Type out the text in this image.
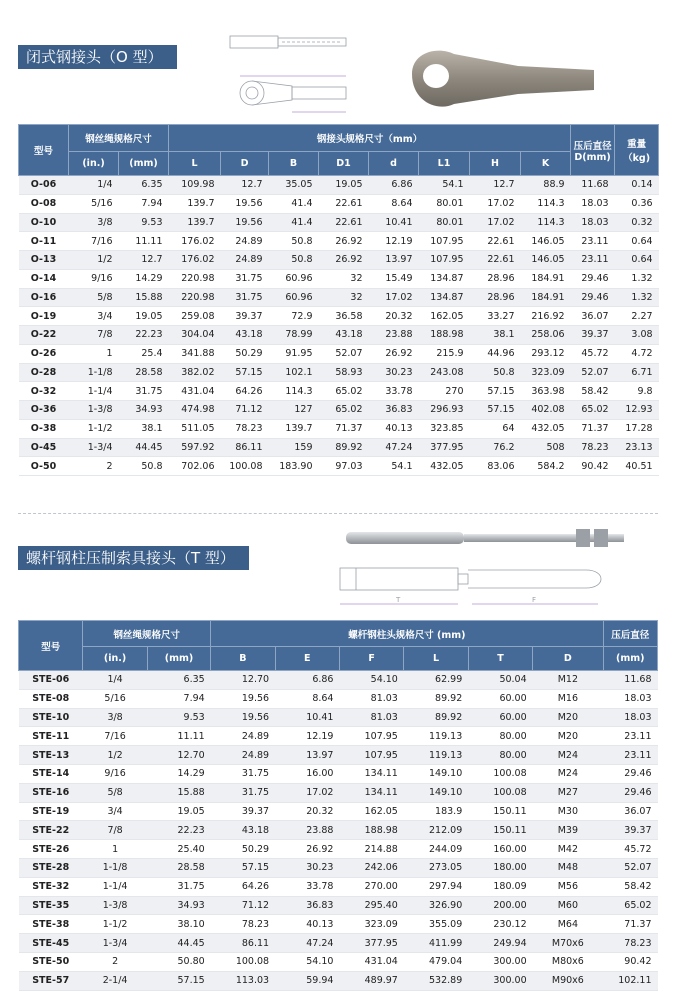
闭式钢接头（O 型）
型号	钢丝绳规格尺寸		钢接头规格尺寸（mm）								压后直径D(mm)	重量（kg)
	(in.)	(mm)	L	D	B	D1	d	L1	H	K		
O-06	1/4	6.35	109.98	12.7	35.05	19.05	6.86	54.1	12.7	88.9	11.68	0.14
O-08	5/16	7.94	139.7	19.56	41.4	22.61	8.64	80.01	17.02	114.3	18.03	0.36
O-10	3/8	9.53	139.7	19.56	41.4	22.61	10.41	80.01	17.02	114.3	18.03	0.32
O-11	7/16	11.11	176.02	24.89	50.8	26.92	12.19	107.95	22.61	146.05	23.11	0.64
O-13	1/2	12.7	176.02	24.89	50.8	26.92	13.97	107.95	22.61	146.05	23.11	0.64
O-14	9/16	14.29	220.98	31.75	60.96	32	15.49	134.87	28.96	184.91	29.46	1.32
O-16	5/8	15.88	220.98	31.75	60.96	32	17.02	134.87	28.96	184.91	29.46	1.32
O-19	3/4	19.05	259.08	39.37	72.9	36.58	20.32	162.05	33.27	216.92	36.07	2.27
O-22	7/8	22.23	304.04	43.18	78.99	43.18	23.88	188.98	38.1	258.06	39.37	3.08
O-26	1	25.4	341.88	50.29	91.95	52.07	26.92	215.9	44.96	293.12	45.72	4.72
O-28	1-1/8	28.58	382.02	57.15	102.1	58.93	30.23	243.08	50.8	323.09	52.07	6.71
O-32	1-1/4	31.75	431.04	64.26	114.3	65.02	33.78	270	57.15	363.98	58.42	9.8
O-36	1-3/8	34.93	474.98	71.12	127	65.02	36.83	296.93	57.15	402.08	65.02	12.93
O-38	1-1/2	38.1	511.05	78.23	139.7	71.37	40.13	323.85	64	432.05	71.37	17.28
O-45	1-3/4	44.45	597.92	86.11	159	89.92	47.24	377.95	76.2	508	78.23	23.13
O-50	2	50.8	702.06	100.08	183.90	97.03	54.1	432.05	83.06	584.2	90.42	40.51
螺杆钢柱压制索具接头（T 型）
T	F
型号	钢丝绳规格尺寸		螺杆钢柱头规格尺寸 (mm)						压后直径
	(in.)	(mm)	B	E	F	L	T	D	(mm)
STE-06	1/4	6.35	12.70	6.86	54.10	62.99	50.04	M12	11.68
STE-08	5/16	7.94	19.56	8.64	81.03	89.92	60.00	M16	18.03
STE-10	3/8	9.53	19.56	10.41	81.03	89.92	60.00	M20	18.03
STE-11	7/16	11.11	24.89	12.19	107.95	119.13	80.00	M20	23.11
STE-13	1/2	12.70	24.89	13.97	107.95	119.13	80.00	M24	23.11
STE-14	9/16	14.29	31.75	16.00	134.11	149.10	100.08	M24	29.46
STE-16	5/8	15.88	31.75	17.02	134.11	149.10	100.08	M27	29.46
STE-19	3/4	19.05	39.37	20.32	162.05	183.9	150.11	M30	36.07
STE-22	7/8	22.23	43.18	23.88	188.98	212.09	150.11	M39	39.37
STE-26	1	25.40	50.29	26.92	214.88	244.09	160.00	M42	45.72
STE-28	1-1/8	28.58	57.15	30.23	242.06	273.05	180.00	M48	52.07
STE-32	1-1/4	31.75	64.26	33.78	270.00	297.94	180.09	M56	58.42
STE-35	1-3/8	34.93	71.12	36.83	295.40	326.90	200.00	M60	65.02
STE-38	1-1/2	38.10	78.23	40.13	323.09	355.09	230.12	M64	71.37
STE-45	1-3/4	44.45	86.11	47.24	377.95	411.99	249.94	M70x6	78.23
STE-50	2	50.80	100.08	54.10	431.04	479.04	300.00	M80x6	90.42
STE-57	2-1/4	57.15	113.03	59.94	489.97	532.89	300.00	M90x6	102.11
